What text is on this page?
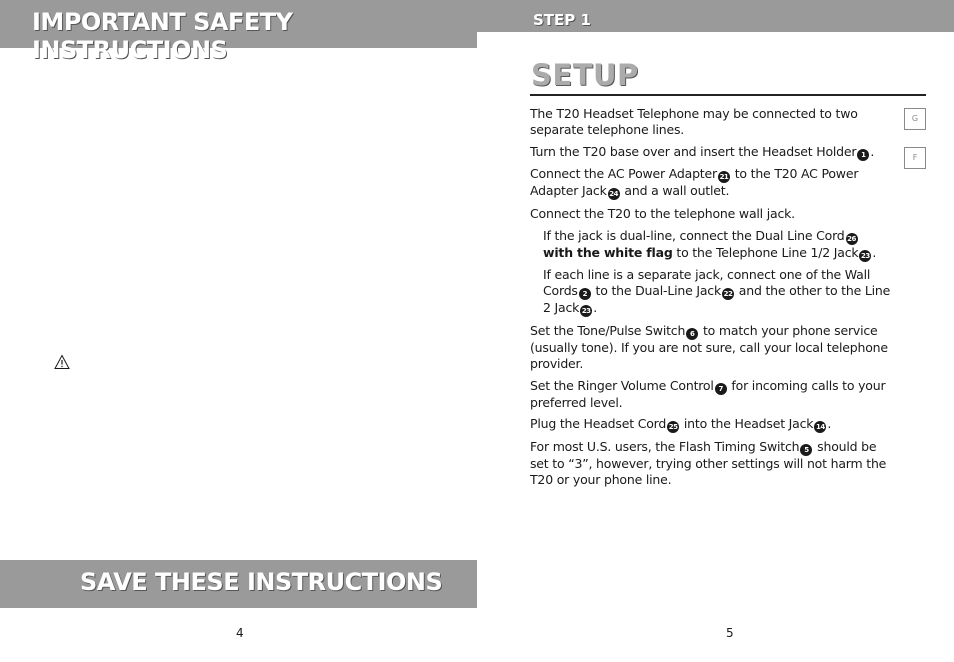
IMPORTANT SAFETY INSTRUCTIONS
SAVE THESE INSTRUCTIONS
4
STEP 1
SETUP
G
F

The T20 Headset Telephone may be connected to two separate telephone lines.

Turn the T20 base over and insert the Headset Holder 1 .

Connect the AC Power Adapter 21 to the T20 AC Power Adapter Jack 24 and a wall outlet.

Connect the T20 to the telephone wall jack.

If the jack is dual-line, connect the Dual Line Cord 26 with the white flag to the Telephone Line 1/2 Jack 23 .

If each line is a separate jack, connect one of the Wall Cords 2 to the Dual-Line Jack 22 and the other to the Line 2 Jack 23 .

Set the Tone/Pulse Switch 6 to match your phone service (usually tone). If you are not sure, call your local telephone provider.

Set the Ringer Volume Control 7 for incoming calls to your preferred level.

Plug the Headset Cord 25 into the Headset Jack 14 .

For most U.S. users, the Flash Timing Switch 5 should be set to “3”, however, trying other settings will not harm the T20 or your phone line.

5
